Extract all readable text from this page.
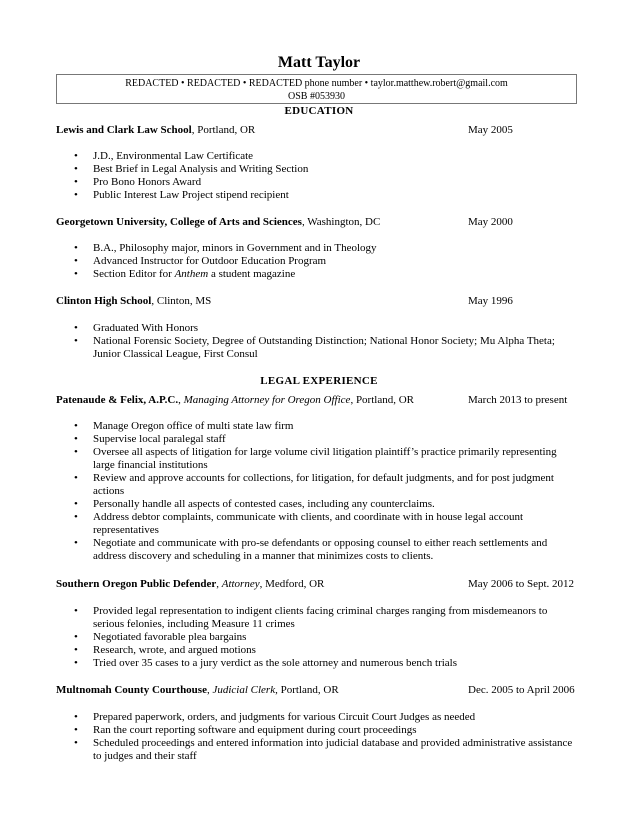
Matt Taylor
REDACTED • REDACTED • REDACTED phone number • taylor.matthew.robert@gmail.com
OSB #053930
EDUCATION
Lewis and Clark Law School, Portland, OR	May 2005
• J.D., Environmental Law Certificate
• Best Brief in Legal Analysis and Writing Section
• Pro Bono Honors Award
• Public Interest Law Project stipend recipient
Georgetown University, College of Arts and Sciences, Washington, DC	May 2000
• B.A., Philosophy major, minors in Government and in Theology
• Advanced Instructor for Outdoor Education Program
• Section Editor for Anthem a student magazine
Clinton High School, Clinton, MS	May 1996
• Graduated With Honors
• National Forensic Society, Degree of Outstanding Distinction; National Honor Society; Mu Alpha Theta; Junior Classical League, First Consul
LEGAL EXPERIENCE
Patenaude & Felix, A.P.C., Managing Attorney for Oregon Office, Portland, OR	March 2013 to present
• Manage Oregon office of multi state law firm
• Supervise local paralegal staff
• Oversee all aspects of litigation for large volume civil litigation plaintiff’s practice primarily representing large financial institutions
• Review and approve accounts for collections, for litigation, for default judgments, and for post judgment actions
• Personally handle all aspects of contested cases, including any counterclaims.
• Address debtor complaints, communicate with clients, and coordinate with in house legal account representatives
• Negotiate and communicate with pro-se defendants or opposing counsel to either reach settlements and address discovery and scheduling in a manner that minimizes costs to clients.
Southern Oregon Public Defender, Attorney, Medford, OR	May 2006 to Sept. 2012
• Provided legal representation to indigent clients facing criminal charges ranging from misdemeanors to serious felonies, including Measure 11 crimes
• Negotiated favorable plea bargains
• Research, wrote, and argued motions
• Tried over 35 cases to a jury verdict as the sole attorney and numerous bench trials
Multnomah County Courthouse, Judicial Clerk, Portland, OR	Dec. 2005 to April 2006
• Prepared paperwork, orders, and judgments for various Circuit Court Judges as needed
• Ran the court reporting software and equipment during court proceedings
• Scheduled proceedings and entered information into judicial database and provided administrative assistance to judges and their staff
